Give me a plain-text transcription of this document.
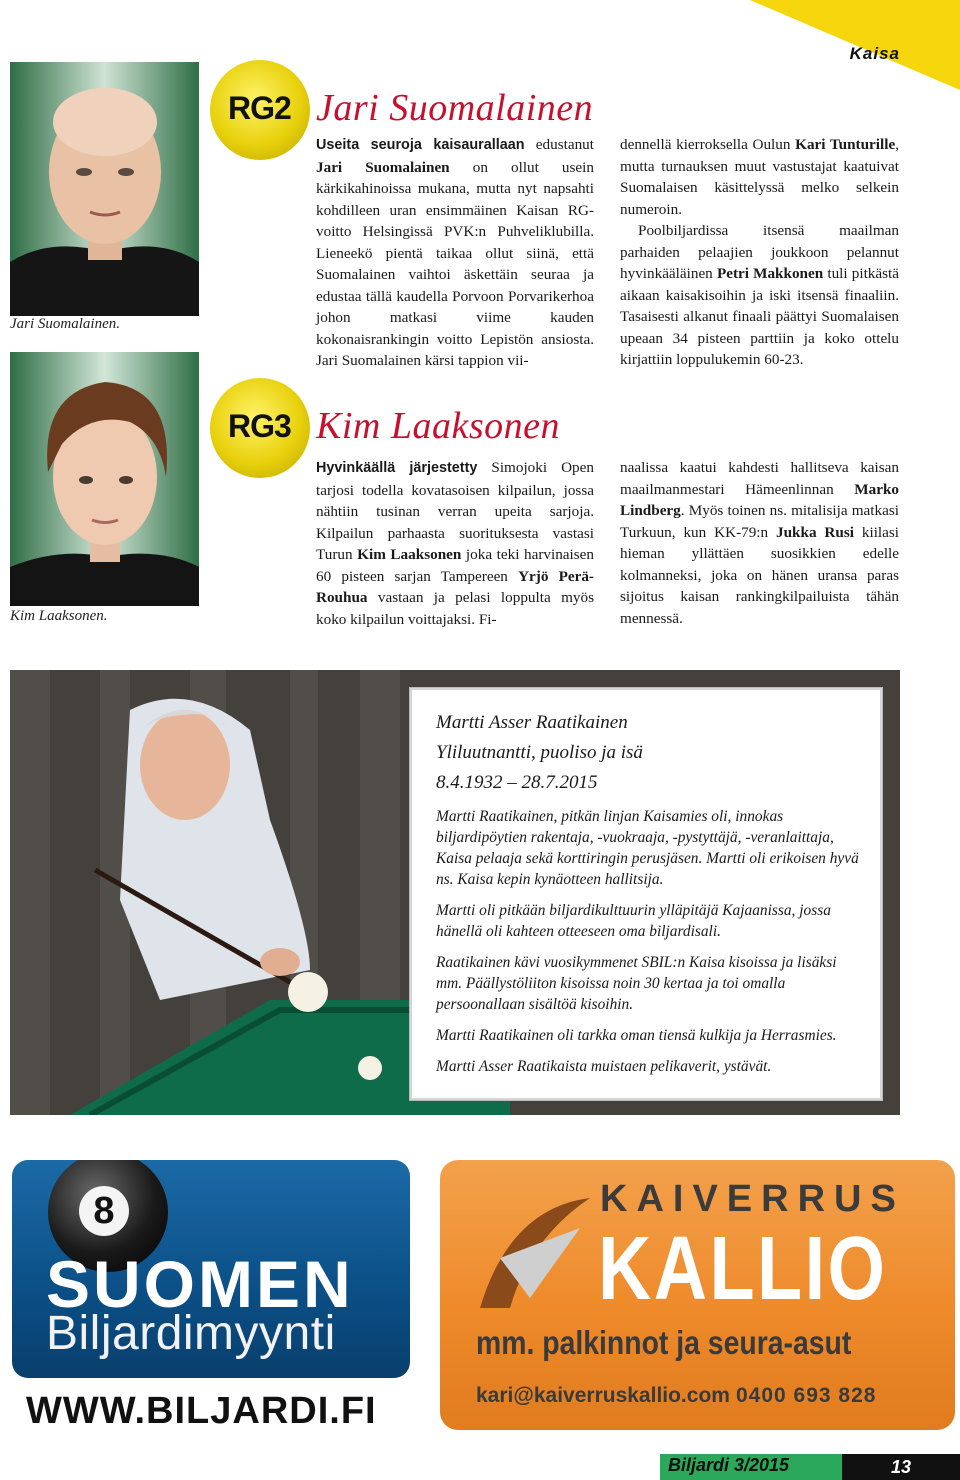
Kaisa
Jari Suomalainen.
RG2 Jari Suomalainen

Useita seuroja kaisaurallaan edustanut Jari Suomalainen on ollut usein kärkikahinoissa mukana, mutta nyt napsahti kohdilleen uran ensimmäinen Kaisan RG-voitto Helsingissä PVK:n Puhveliklubilla. Lieneekö pientä taikaa ollut siinä, että Suomalainen vaihtoi äskettäin seuraa ja edustaa tällä kaudella Porvoon Porvarikerhoa johon matkasi viime kauden kokonaisrankingin voitto Lepistön ansiosta. Jari Suomalainen kärsi tappion vii-

dennellä kierroksella Oulun Kari Tunturille, mutta turnauksen muut vastustajat kaatuivat Suomalaisen käsittelyssä melko selkein numeroin.

Poolbiljardissa itsensä maailman parhaiden pelaajien joukkoon pelannut hyvinkääläinen Petri Makkonen tuli pitkästä aikaan kaisakisoihin ja iski itsensä finaaliin. Tasaisesti alkanut finaali päättyi Suomalaisen upeaan 34 pisteen parttiin ja koko ottelu kirjattiin loppulukemin 60-23.

Kim Laaksonen.
RG3 Kim Laaksonen

Hyvinkäällä järjestetty Simojoki Open tarjosi todella kovatasoisen kilpailun, jossa nähtiin tusinan verran upeita sarjoja. Kilpailun parhaasta suorituksesta vastasi Turun Kim Laaksonen joka teki harvinaisen 60 pisteen sarjan Tampereen Yrjö Perä-Rouhua vastaan ja pelasi loppulta myös koko kilpailun voittajaksi. Fi-

naalissa kaatui kahdesti hallitseva kaisan maailmanmestari Hämeenlinnan Marko Lindberg. Myös toinen ns. mitalisija matkasi Turkuun, kun KK-79:n Jukka Rusi kiilasi hieman yllättäen suosikkien edelle kolmanneksi, joka on hänen uransa paras sijoitus kaisan rankingkilpailuista tähän mennessä.

Martti Asser Raatikainen

Yliluutnantti, puoliso ja isä

8.4.1932 – 28.7.2015

Martti Raatikainen, pitkän linjan Kaisamies oli, innokas biljardipöytien rakentaja, -vuokraaja, -pystyttäjä, -veranlaittaja, Kaisa pelaaja sekä korttiringin perusjäsen. Martti oli erikoisen hyvä ns. Kaisa kepin kynäotteen hallitsija.

Martti oli pitkään biljardikulttuurin ylläpitäjä Kajaanissa, jossa hänellä oli kahteen otteeseen oma biljardisali.

Raatikainen kävi vuosikymmenet SBIL:n Kaisa kisoissa ja lisäksi mm. Päällystöliiton kisoissa noin 30 kertaa ja toi omalla persoonallaan sisältöä kisoihin.

Martti Raatikainen oli tarkka oman tiensä kulkija ja Herrasmies.

Martti Asser Raatikaista muistaen pelikaverit, ystävät.

8
SUOMEN
Biljardimyynti
WWW.BILJARDI.FI
KAIVERRUS
KALLIO
mm. palkinnot ja seura-asut
kari@kaiverruskallio.com 0400 693 828
Biljardi 3/2015	13
